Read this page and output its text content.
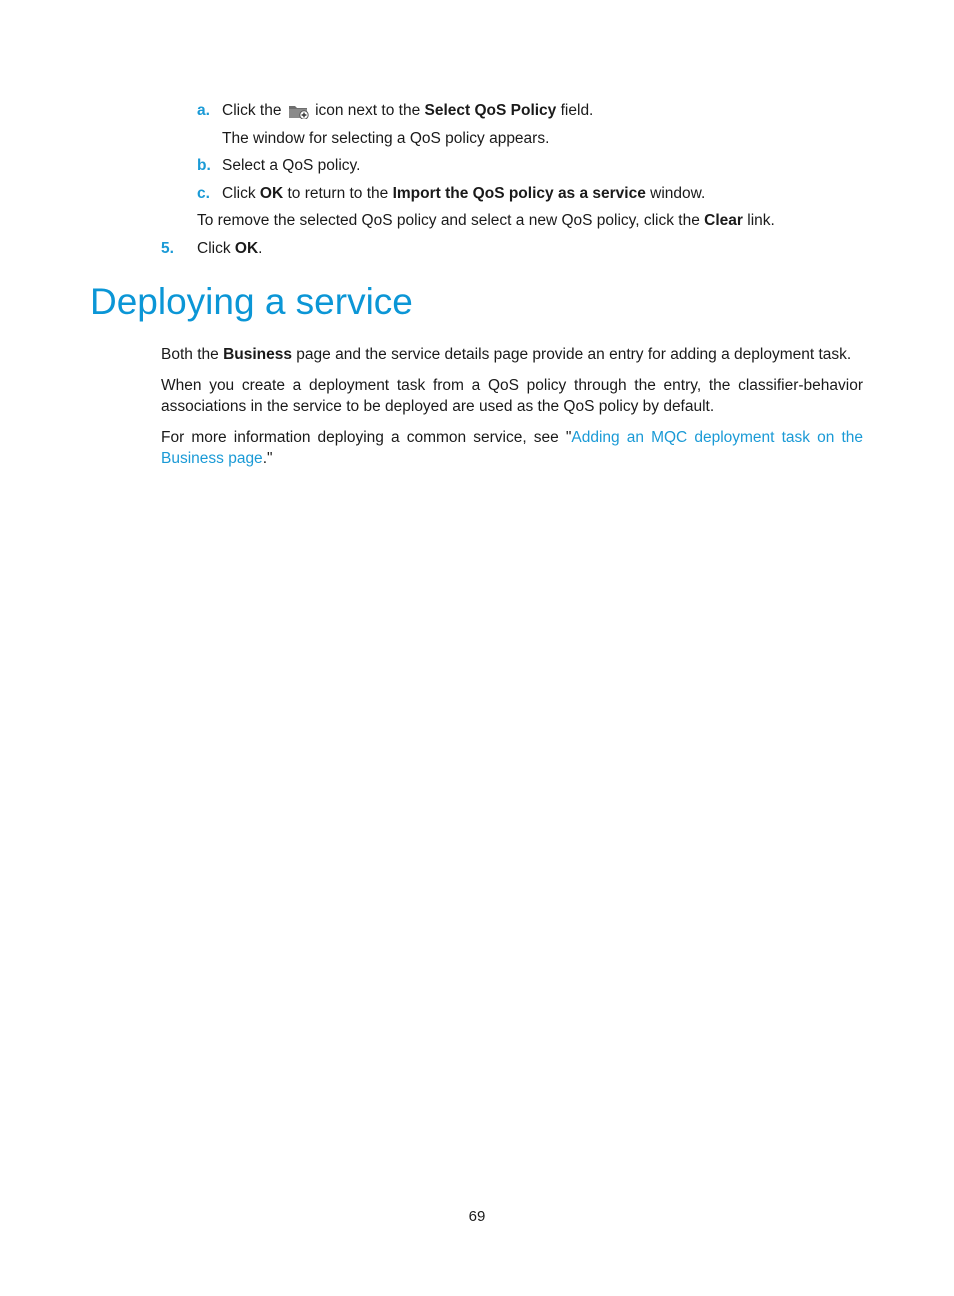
a. Click the icon next to the Select QoS Policy field.
The window for selecting a QoS policy appears.
b. Select a QoS policy.
c. Click OK to return to the Import the QoS policy as a service window.
To remove the selected QoS policy and select a new QoS policy, click the Clear link.
5. Click OK.
Deploying a service
Both the Business page and the service details page provide an entry for adding a deployment task.
When you create a deployment task from a QoS policy through the entry, the classifier-behavior associations in the service to be deployed are used as the QoS policy by default.
For more information deploying a common service, see "Adding an MQC deployment task on the Business page."
69
